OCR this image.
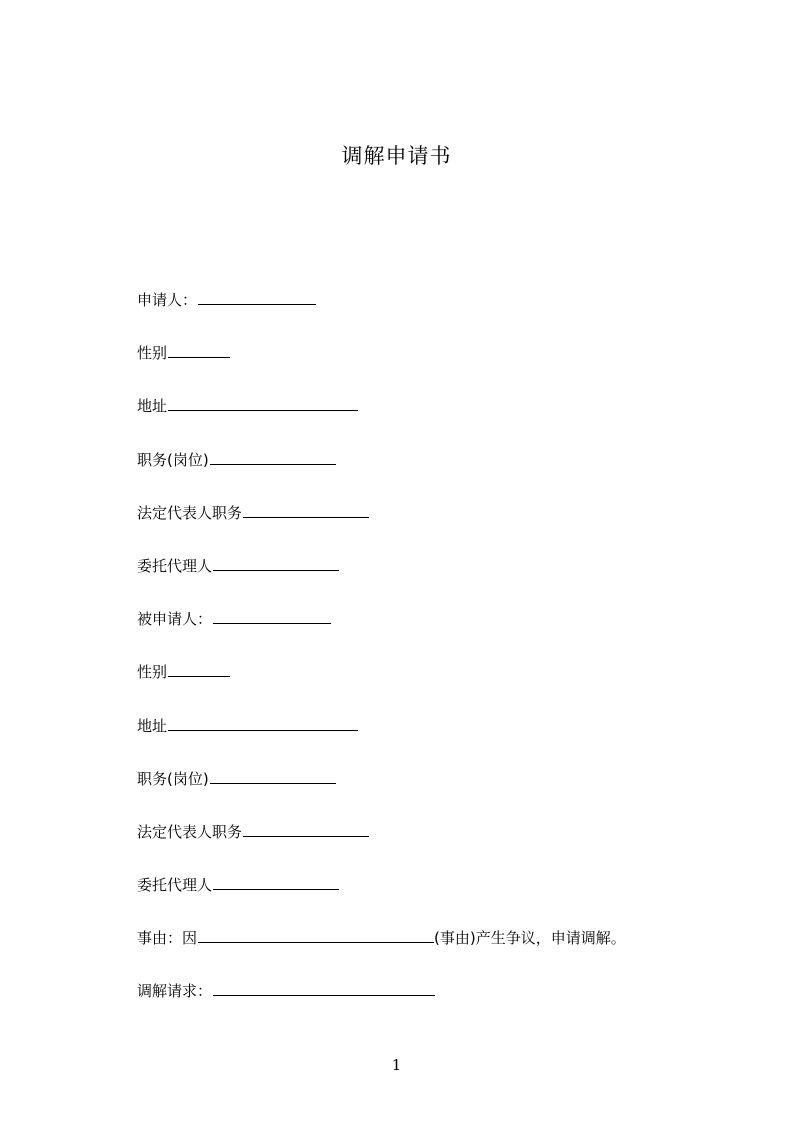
调解申请书
申请人：
性别
地址
职务(岗位)
法定代表人职务
委托代理人
被申请人：
性别
地址
职务(岗位)
法定代表人职务
委托代理人
事由：因	(事由)产生争议，申请调解。
调解请求：
1
